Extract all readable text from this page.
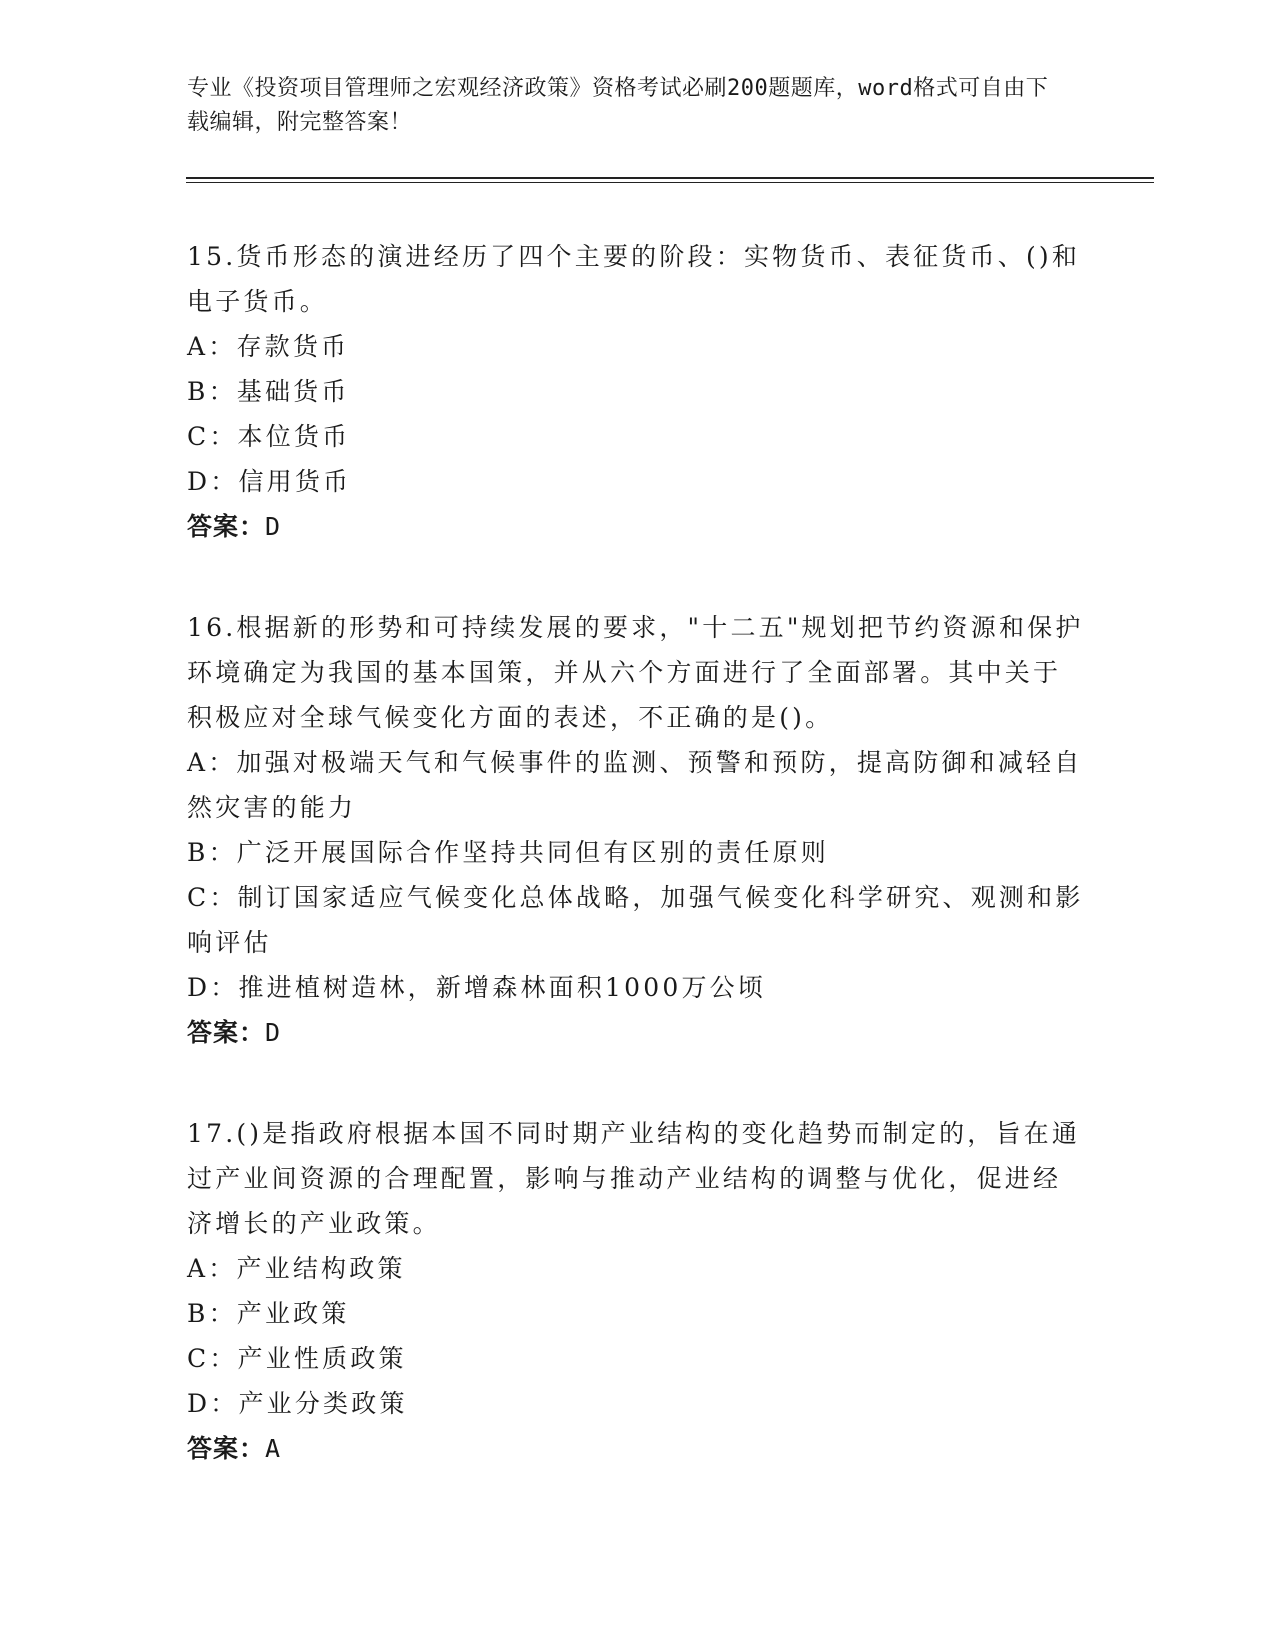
专业《投资项目管理师之宏观经济政策》资格考试必刷200题题库，word格式可自由下载编辑，附完整答案！

15.货币形态的演进经历了四个主要的阶段：实物货币、表征货币、()和电子货币。

A：存款货币

B：基础货币

C：本位货币

D：信用货币

答案：D

16.根据新的形势和可持续发展的要求，"十二五"规划把节约资源和保护环境确定为我国的基本国策，并从六个方面进行了全面部署。其中关于积极应对全球气候变化方面的表述，不正确的是()。

A：加强对极端天气和气候事件的监测、预警和预防，提高防御和减轻自然灾害的能力

B：广泛开展国际合作坚持共同但有区别的责任原则

C：制订国家适应气候变化总体战略，加强气候变化科学研究、观测和影响评估

D：推进植树造林，新增森林面积1000万公顷

答案：D

17.()是指政府根据本国不同时期产业结构的变化趋势而制定的，旨在通过产业间资源的合理配置，影响与推动产业结构的调整与优化，促进经济增长的产业政策。

A：产业结构政策

B：产业政策

C：产业性质政策

D：产业分类政策

答案：A
